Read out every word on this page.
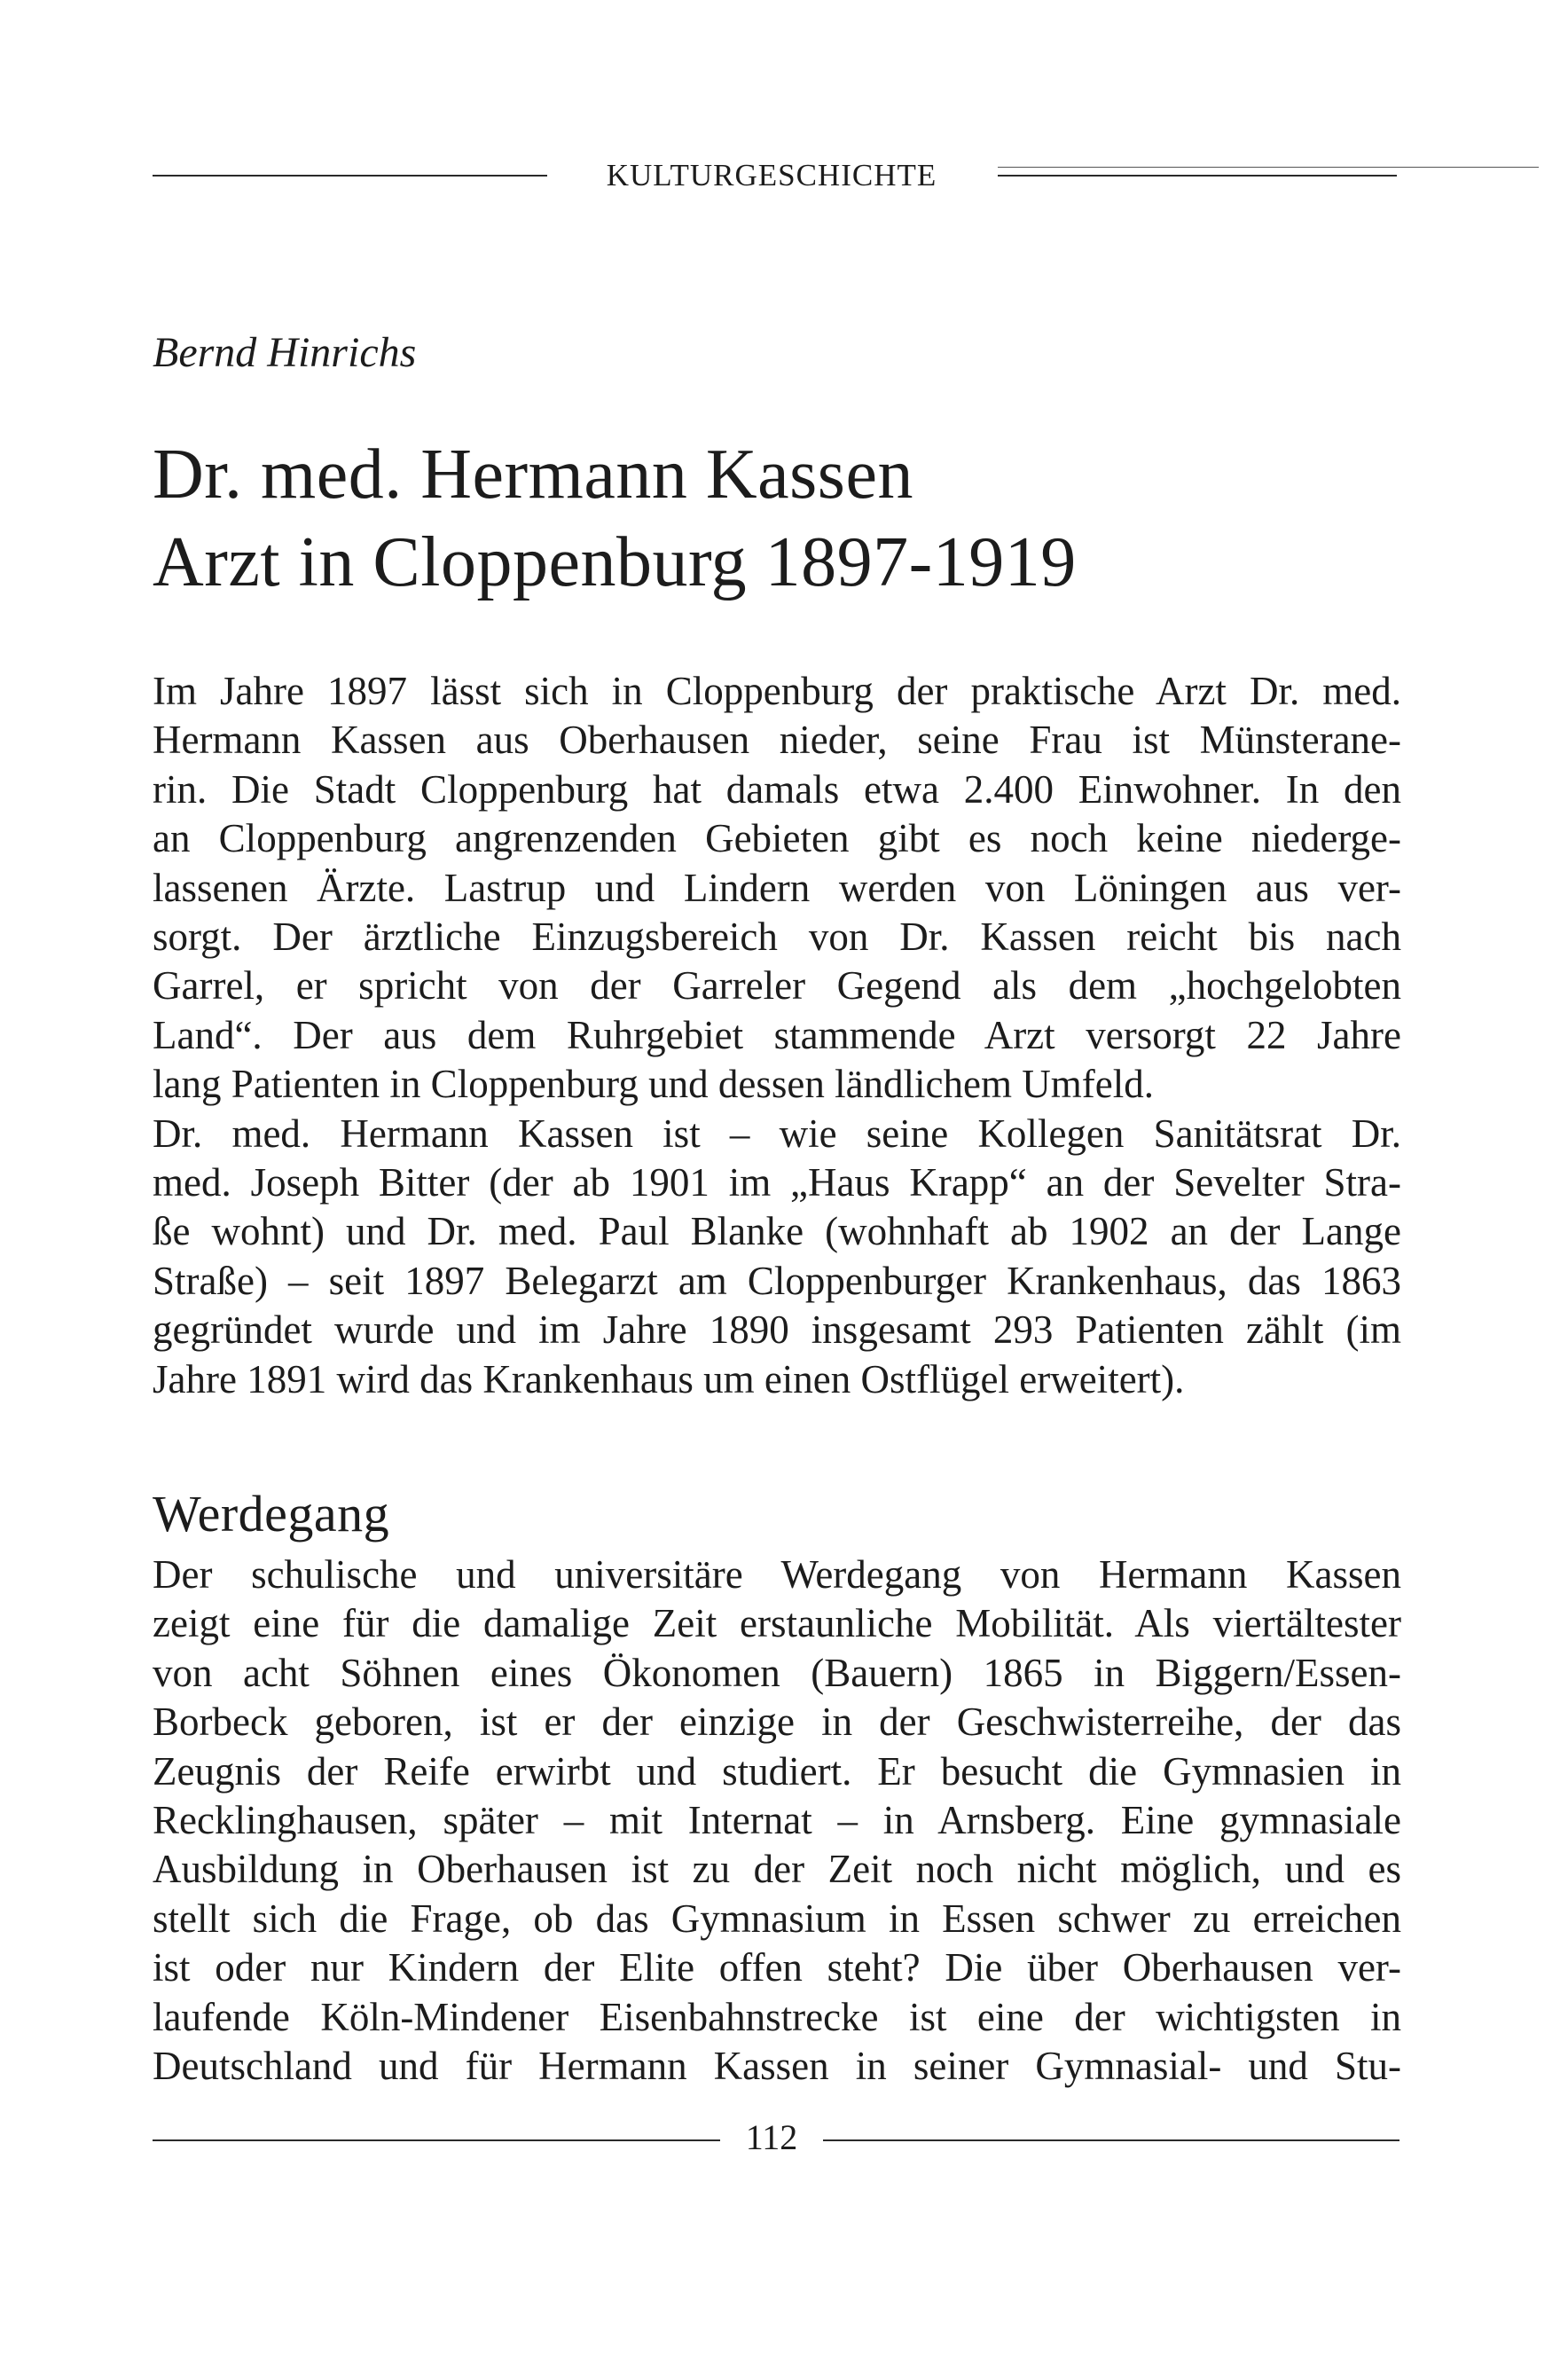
KULTURGESCHICHTE
Bernd Hinrichs
Dr. med. Hermann Kassen
Arzt in Cloppenburg 1897-1919

Im Jahre 1897 lässt sich in Cloppenburg der praktische Arzt Dr. med.
Hermann Kassen aus Oberhausen nieder, seine Frau ist Münsterane-
rin. Die Stadt Cloppenburg hat damals etwa 2.400 Einwohner. In den
an Cloppenburg angrenzenden Gebieten gibt es noch keine niederge-
lassenen Ärzte. Lastrup und Lindern werden von Löningen aus ver-
sorgt. Der ärztliche Einzugsbereich von Dr. Kassen reicht bis nach
Garrel, er spricht von der Garreler Gegend als dem „hochgelobten
Land“. Der aus dem Ruhrgebiet stammende Arzt versorgt 22 Jahre
lang Patienten in Cloppenburg und dessen ländlichem Umfeld.
Dr. med. Hermann Kassen ist – wie seine Kollegen Sanitätsrat Dr.
med. Joseph Bitter (der ab 1901 im „Haus Krapp“ an der Sevelter Stra-
ße wohnt) und Dr. med. Paul Blanke (wohnhaft ab 1902 an der Lange
Straße) – seit 1897 Belegarzt am Cloppenburger Krankenhaus, das 1863
gegründet wurde und im Jahre 1890 insgesamt 293 Patienten zählt (im
Jahre 1891 wird das Krankenhaus um einen Ostflügel erweitert).

Werdegang

Der schulische und universitäre Werdegang von Hermann Kassen
zeigt eine für die damalige Zeit erstaunliche Mobilität. Als viertältester
von acht Söhnen eines Ökonomen (Bauern) 1865 in Biggern/Essen-
Borbeck geboren, ist er der einzige in der Geschwisterreihe, der das
Zeugnis der Reife erwirbt und studiert. Er besucht die Gymnasien in
Recklinghausen, später – mit Internat – in Arnsberg. Eine gymnasiale
Ausbildung in Oberhausen ist zu der Zeit noch nicht möglich, und es
stellt sich die Frage, ob das Gymnasium in Essen schwer zu erreichen
ist oder nur Kindern der Elite offen steht? Die über Oberhausen ver-
laufende Köln-Mindener Eisenbahnstrecke ist eine der wichtigsten in
Deutschland und für Hermann Kassen in seiner Gymnasial- und Stu-

112
